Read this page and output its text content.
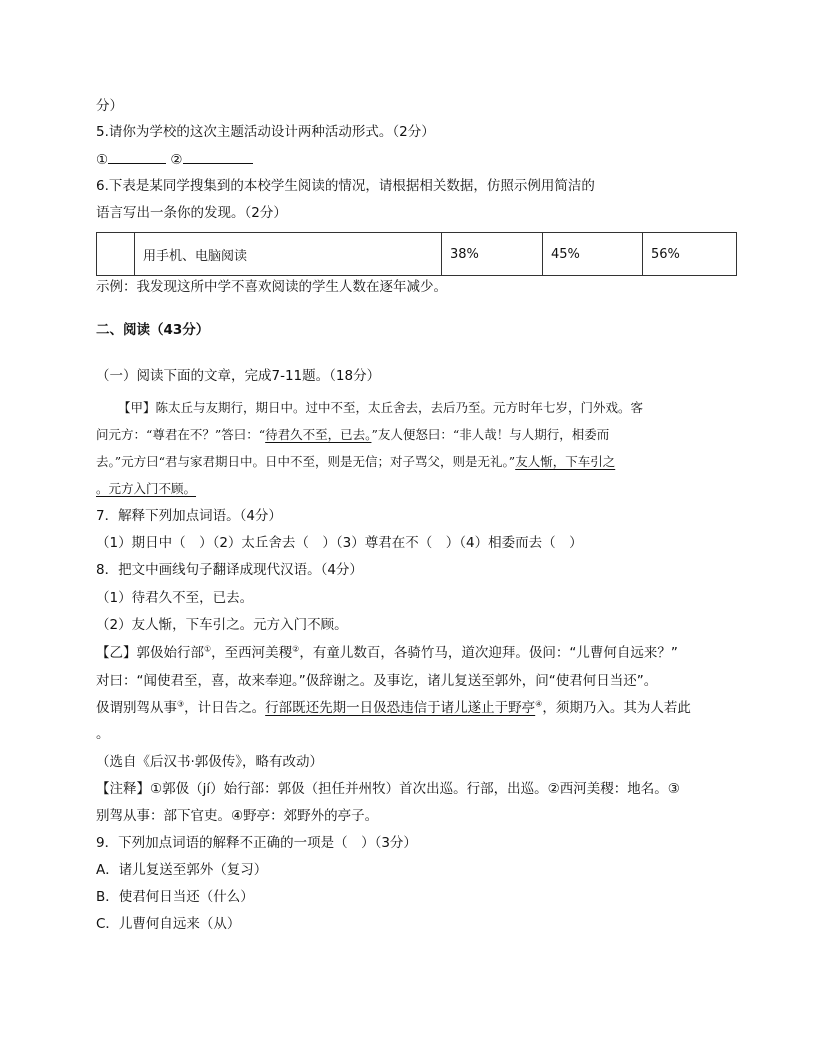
分）
5.请你为学校的这次主题活动设计两种活动形式。（2分）
①	②
6.下表是某同学搜集到的本校学生阅读的情况，请根据相关数据，仿照示例用简洁的
语言写出一条你的发现。（2分）
	用手机、电脑阅读	38%	45%	56%
示例：我发现这所中学不喜欢阅读的学生人数在逐年减少。
二、阅读（43分）
（一）阅读下面的文章，完成7-11题。（18分）
【甲】陈太丘与友期行，期日中。过中不至，太丘舍去，去后乃至。元方时年七岁，门外戏。客
问元方：“尊君在不？”答曰：“待君久不至，已去。”友人便怒曰：“非人哉！与人期行，相委而
去。”元方曰“君与家君期日中。日中不至，则是无信；对子骂父，则是无礼。”友人惭，下车引之
。元方入门不顾。
7．解释下列加点词语。（4分）
（1）期日中（　）（2）太丘舍去（　）（3）尊君在不（　）（4）相委而去（　）
8．把文中画线句子翻译成现代汉语。（4分）
（1）待君久不至，已去。
（2）友人惭，下车引之。元方入门不顾。
【乙】郭伋始行部①，至西河美稷②，有童儿数百，各骑竹马，道次迎拜。伋问：“儿曹何自远来？”
对曰：“闻使君至，喜，故来奉迎。”伋辞谢之。及事讫，诸儿复送至郭外，问“使君何日当还”。
伋谓别驾从事③，计日告之。行部既还先期一日伋恐违信于诸儿遂止于野亭④，须期乃入。其为人若此
。
（选自《后汉书·郭伋传》，略有改动）
【注释】①郭伋（jí）始行部：郭伋（担任并州牧）首次出巡。行部，出巡。②西河美稷：地名。③
别驾从事：部下官吏。④野亭：郊野外的亭子。
9．下列加点词语的解释不正确的一项是（　）（3分）
A．诸儿复送至郭外（复习）
B．使君何日当还（什么）
C．儿曹何自远来（从）
